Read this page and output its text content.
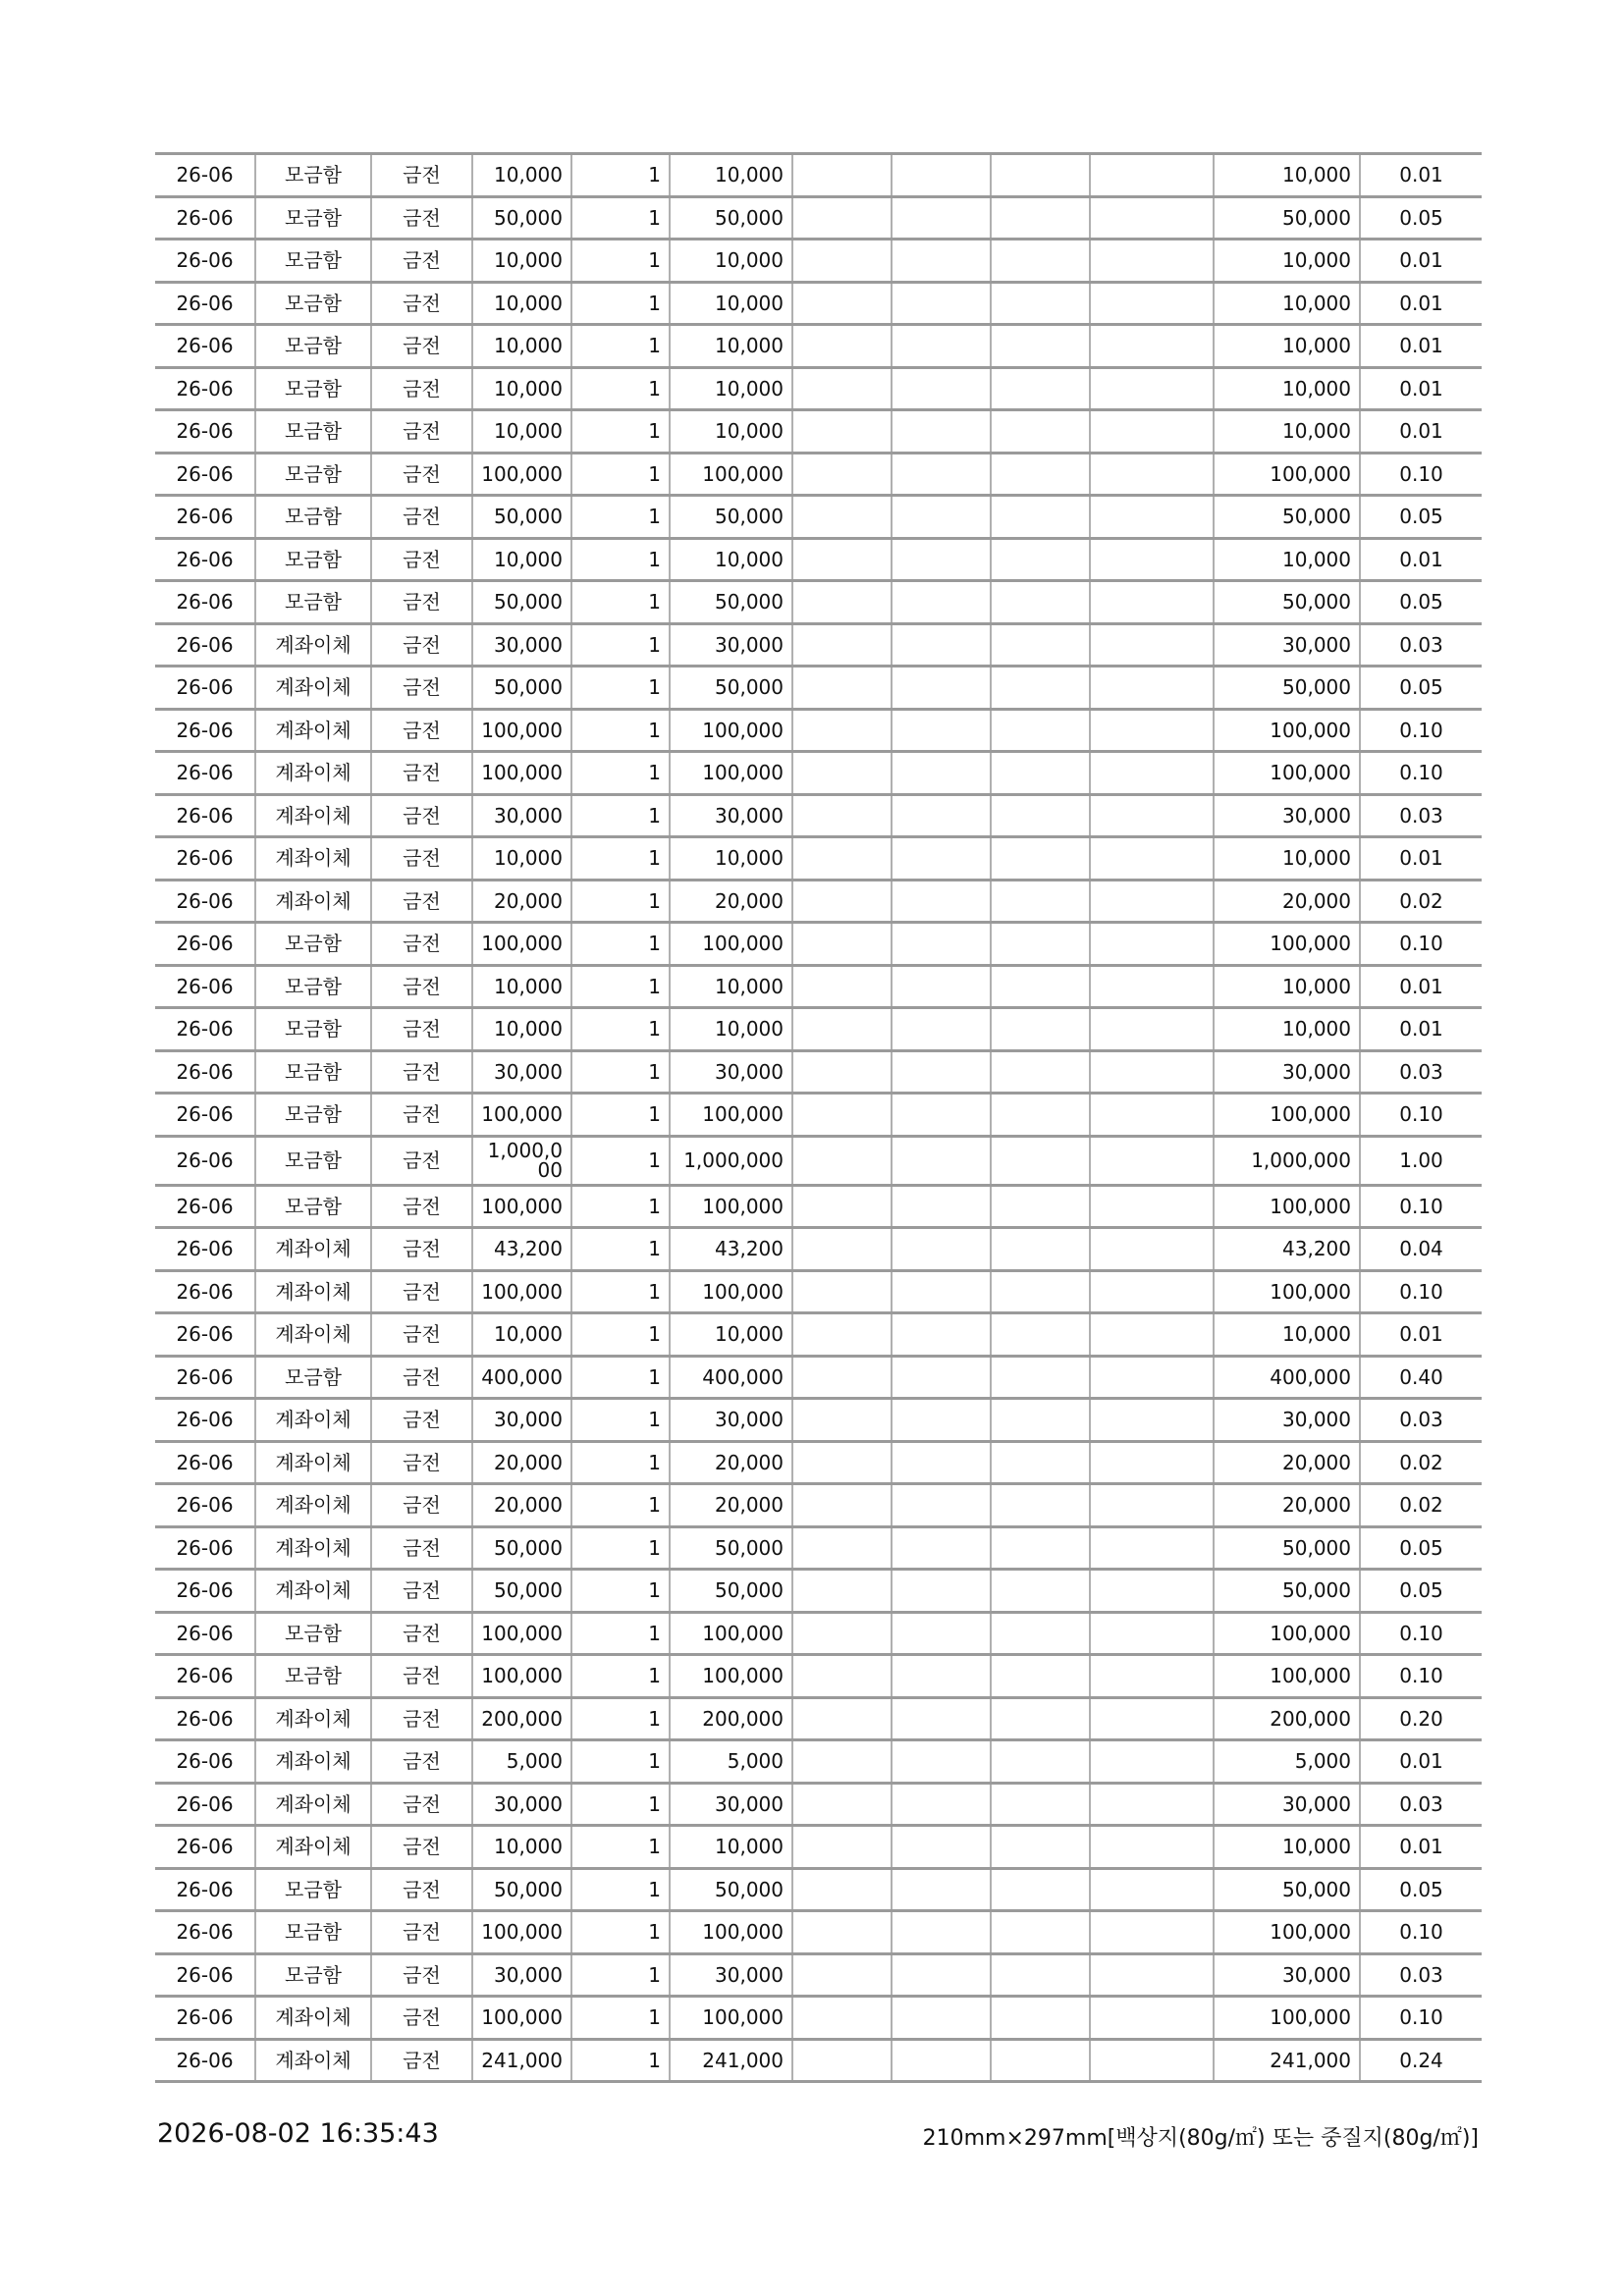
26-06	모금함	금전	10,000	1	10,000					10,000	0.01
26-06	모금함	금전	50,000	1	50,000					50,000	0.05
26-06	모금함	금전	10,000	1	10,000					10,000	0.01
26-06	모금함	금전	10,000	1	10,000					10,000	0.01
26-06	모금함	금전	10,000	1	10,000					10,000	0.01
26-06	모금함	금전	10,000	1	10,000					10,000	0.01
26-06	모금함	금전	10,000	1	10,000					10,000	0.01
26-06	모금함	금전	100,000	1	100,000					100,000	0.10
26-06	모금함	금전	50,000	1	50,000					50,000	0.05
26-06	모금함	금전	10,000	1	10,000					10,000	0.01
26-06	모금함	금전	50,000	1	50,000					50,000	0.05
26-06	계좌이체	금전	30,000	1	30,000					30,000	0.03
26-06	계좌이체	금전	50,000	1	50,000					50,000	0.05
26-06	계좌이체	금전	100,000	1	100,000					100,000	0.10
26-06	계좌이체	금전	100,000	1	100,000					100,000	0.10
26-06	계좌이체	금전	30,000	1	30,000					30,000	0.03
26-06	계좌이체	금전	10,000	1	10,000					10,000	0.01
26-06	계좌이체	금전	20,000	1	20,000					20,000	0.02
26-06	모금함	금전	100,000	1	100,000					100,000	0.10
26-06	모금함	금전	10,000	1	10,000					10,000	0.01
26-06	모금함	금전	10,000	1	10,000					10,000	0.01
26-06	모금함	금전	30,000	1	30,000					30,000	0.03
26-06	모금함	금전	100,000	1	100,000					100,000	0.10
26-06	모금함	금전	1,000,000	1	1,000,000					1,000,000	1.00
26-06	모금함	금전	100,000	1	100,000					100,000	0.10
26-06	계좌이체	금전	43,200	1	43,200					43,200	0.04
26-06	계좌이체	금전	100,000	1	100,000					100,000	0.10
26-06	계좌이체	금전	10,000	1	10,000					10,000	0.01
26-06	모금함	금전	400,000	1	400,000					400,000	0.40
26-06	계좌이체	금전	30,000	1	30,000					30,000	0.03
26-06	계좌이체	금전	20,000	1	20,000					20,000	0.02
26-06	계좌이체	금전	20,000	1	20,000					20,000	0.02
26-06	계좌이체	금전	50,000	1	50,000					50,000	0.05
26-06	계좌이체	금전	50,000	1	50,000					50,000	0.05
26-06	모금함	금전	100,000	1	100,000					100,000	0.10
26-06	모금함	금전	100,000	1	100,000					100,000	0.10
26-06	계좌이체	금전	200,000	1	200,000					200,000	0.20
26-06	계좌이체	금전	5,000	1	5,000					5,000	0.01
26-06	계좌이체	금전	30,000	1	30,000					30,000	0.03
26-06	계좌이체	금전	10,000	1	10,000					10,000	0.01
26-06	모금함	금전	50,000	1	50,000					50,000	0.05
26-06	모금함	금전	100,000	1	100,000					100,000	0.10
26-06	모금함	금전	30,000	1	30,000					30,000	0.03
26-06	계좌이체	금전	100,000	1	100,000					100,000	0.10
26-06	계좌이체	금전	241,000	1	241,000					241,000	0.24
2026-08-02 16:35:43	210mm×297mm[백상지(80g/㎡) 또는 중질지(80g/㎡)]
